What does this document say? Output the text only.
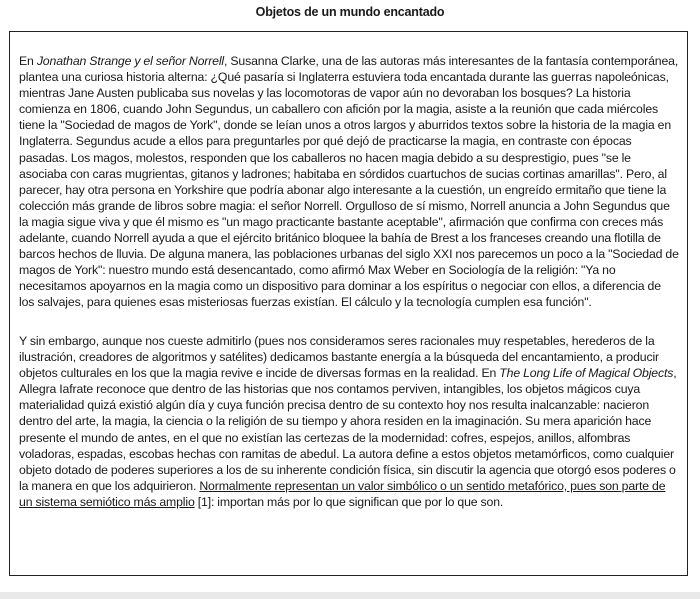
Objetos de un mundo encantado

En Jonathan Strange y el señor Norrell, Susanna Clarke, una de las autoras más interesantes de la fantasía contemporánea, plantea una curiosa historia alterna: ¿Qué pasaría si Inglaterra estuviera toda encantada durante las guerras napoleónicas, mientras Jane Austen publicaba sus novelas y las locomotoras de vapor aún no devoraban los bosques? La historia comienza en 1806, cuando John Segundus, un caballero con afición por la magia, asiste a la reunión que cada miércoles tiene la "Sociedad de magos de York", donde se leían unos a otros largos y aburridos textos sobre la historia de la magia en Inglaterra. Segundus acude a ellos para preguntarles por qué dejó de practicarse la magia, en contraste con épocas pasadas. Los magos, molestos, responden que los caballeros no hacen magia debido a su desprestigio, pues "se le asociaba con caras mugrientas, gitanos y ladrones; habitaba en sórdidos cuartuchos de sucias cortinas amarillas". Pero, al parecer, hay otra persona en Yorkshire que podría abonar algo interesante a la cuestión, un engreído ermitaño que tiene la colección más grande de libros sobre magia: el señor Norrell. Orgulloso de sí mismo, Norrell anuncia a John Segundus que la magia sigue viva y que él mismo es "un mago practicante bastante aceptable", afirmación que confirma con creces más adelante, cuando Norrell ayuda a que el ejército británico bloquee la bahía de Brest a los franceses creando una flotilla de barcos hechos de lluvia. De alguna manera, las poblaciones urbanas del siglo XXI nos parecemos un poco a la "Sociedad de magos de York": nuestro mundo está desencantado, como afirmó Max Weber en Sociología de la religión: "Ya no necesitamos apoyarnos en la magia como un dispositivo para dominar a los espíritus o negociar con ellos, a diferencia de los salvajes, para quienes esas misteriosas fuerzas existían. El cálculo y la tecnología cumplen esa función".

Y sin embargo, aunque nos cueste admitirlo (pues nos consideramos seres racionales muy respetables, herederos de la ilustración, creadores de algoritmos y satélites) dedicamos bastante energía a la búsqueda del encantamiento, a producir objetos culturales en los que la magia revive e incide de diversas formas en la realidad. En The Long Life of Magical Objects, Allegra Iafrate reconoce que dentro de las historias que nos contamos perviven, intangibles, los objetos mágicos cuya materialidad quizá existió algún día y cuya función precisa dentro de su contexto hoy nos resulta inalcanzable: nacieron dentro del arte, la magia, la ciencia o la religión de su tiempo y ahora residen en la imaginación. Su mera aparición hace presente el mundo de antes, en el que no existían las certezas de la modernidad: cofres, espejos, anillos, alfombras voladoras, espadas, escobas hechas con ramitas de abedul. La autora define a estos objetos metamórficos, como cualquier objeto dotado de poderes superiores a los de su inherente condición física, sin discutir la agencia que otorgó esos poderes o la manera en que los adquirieron. Normalmente representan un valor simbólico o un sentido metafórico, pues son parte de un sistema semiótico más amplio [1]: importan más por lo que significan que por lo que son.
